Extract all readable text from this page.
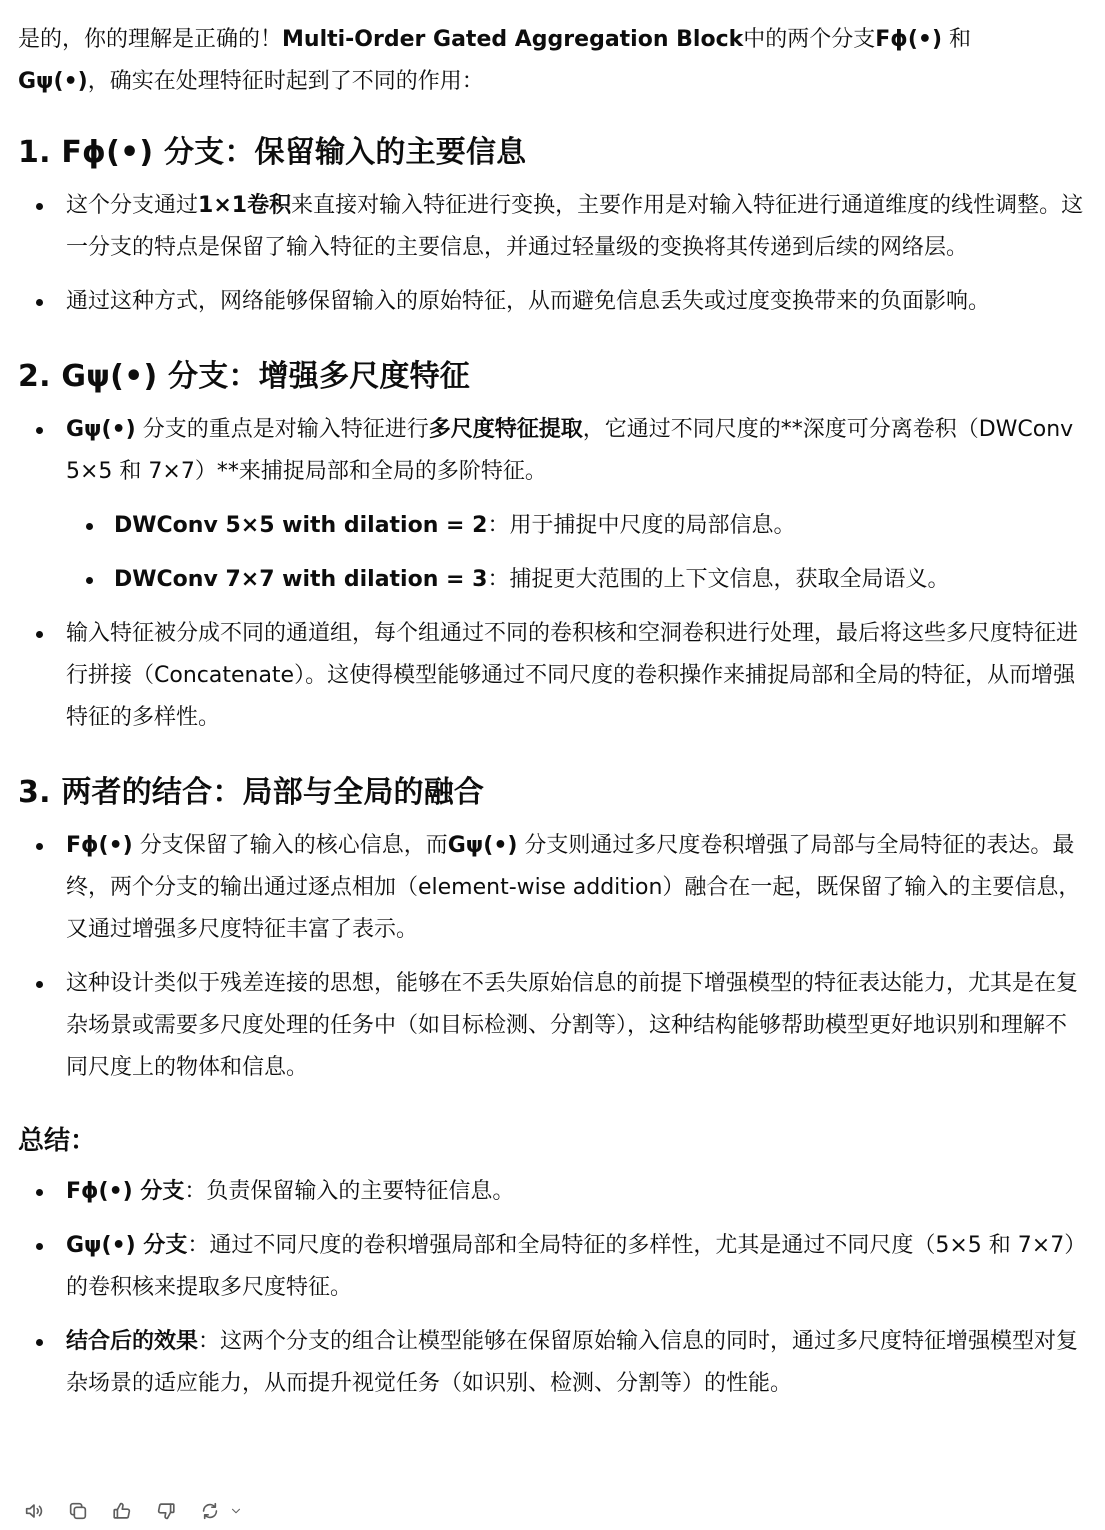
是的，你的理解是正确的！Multi-Order Gated Aggregation Block中的两个分支Fϕ(•) 和
Gψ(•)，确实在处理特征时起到了不同的作用：

1. Fϕ(•) 分支：保留输入的主要信息
这个分支通过1×1卷积来直接对输入特征进行变换，主要作用是对输入特征进行通道维度的线性调整。这一分支的特点是保留了输入特征的主要信息，并通过轻量级的变换将其传递到后续的网络层。
通过这种方式，网络能够保留输入的原始特征，从而避免信息丢失或过度变换带来的负面影响。
2. Gψ(•) 分支：增强多尺度特征
Gψ(•) 分支的重点是对输入特征进行多尺度特征提取，它通过不同尺度的**深度可分离卷积（DWConv 5×5 和 7×7）**来捕捉局部和全局的多阶特征。
DWConv 5×5 with dilation = 2：用于捕捉中尺度的局部信息。
DWConv 7×7 with dilation = 3：捕捉更大范围的上下文信息，获取全局语义。
输入特征被分成不同的通道组，每个组通过不同的卷积核和空洞卷积进行处理，最后将这些多尺度特征进行拼接（Concatenate）。这使得模型能够通过不同尺度的卷积操作来捕捉局部和全局的特征，从而增强特征的多样性。
3. 两者的结合：局部与全局的融合
Fϕ(•) 分支保留了输入的核心信息，而Gψ(•) 分支则通过多尺度卷积增强了局部与全局特征的表达。最终，两个分支的输出通过逐点相加（element-wise addition）融合在一起，既保留了输入的主要信息，又通过增强多尺度特征丰富了表示。
这种设计类似于残差连接的思想，能够在不丢失原始信息的前提下增强模型的特征表达能力，尤其是在复杂场景或需要多尺度处理的任务中（如目标检测、分割等），这种结构能够帮助模型更好地识别和理解不同尺度上的物体和信息。
总结：
Fϕ(•) 分支：负责保留输入的主要特征信息。
Gψ(•) 分支：通过不同尺度的卷积增强局部和全局特征的多样性，尤其是通过不同尺度（5×5 和 7×7）的卷积核来提取多尺度特征。
结合后的效果：这两个分支的组合让模型能够在保留原始输入信息的同时，通过多尺度特征增强模型对复杂场景的适应能力，从而提升视觉任务（如识别、检测、分割等）的性能。
